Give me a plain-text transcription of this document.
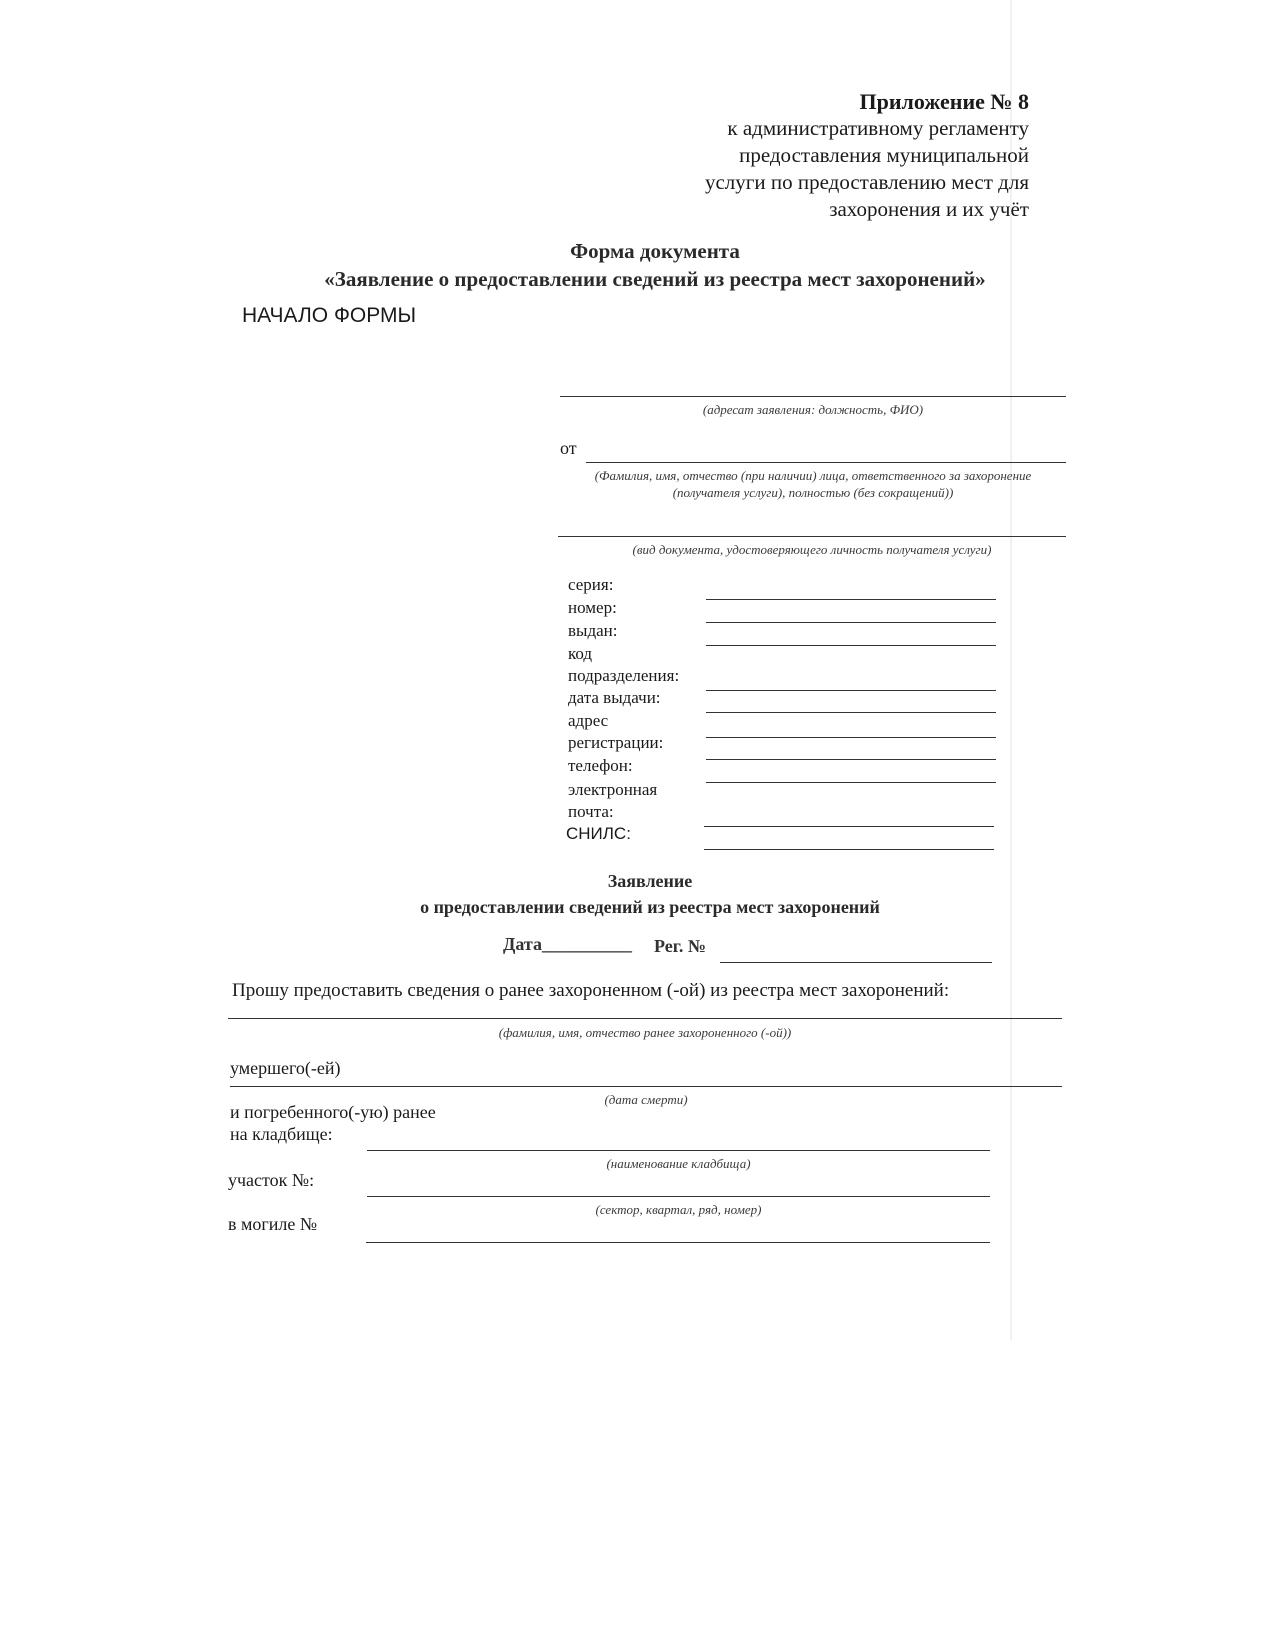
Приложение № 8
к административному регламенту
предоставления муниципальной
услуги по предоставлению мест для
захоронения и их учёт
Форма документа
«Заявление о предоставлении сведений из реестра мест захоронений»
НАЧАЛО ФОРМЫ
(адресат заявления: должность, ФИО)
от
(Фамилия, имя, отчество (при наличии) лица, ответственного за захоронение
(получателя услуги), полностью (без сокращений))
(вид документа, удостоверяющего личность получателя услуги)
серия:
номер:
выдан:
код
подразделения:
дата выдачи:
адрес
регистрации:
телефон:
электронная
почта:
СНИЛС:
Заявление
о предоставлении сведений из реестра мест захоронений
Дата__________ Рег. №
Прошу предоставить сведения о ранее захороненном (-ой) из реестра мест захоронений:
(фамилия, имя, отчество ранее захороненного (-ой))
умершего(-ей)
(дата смерти)
и погребенного(-ую) ранее
на кладбище:
(наименование кладбища)
участок №:
(сектор, квартал, ряд, номер)
в могиле №
